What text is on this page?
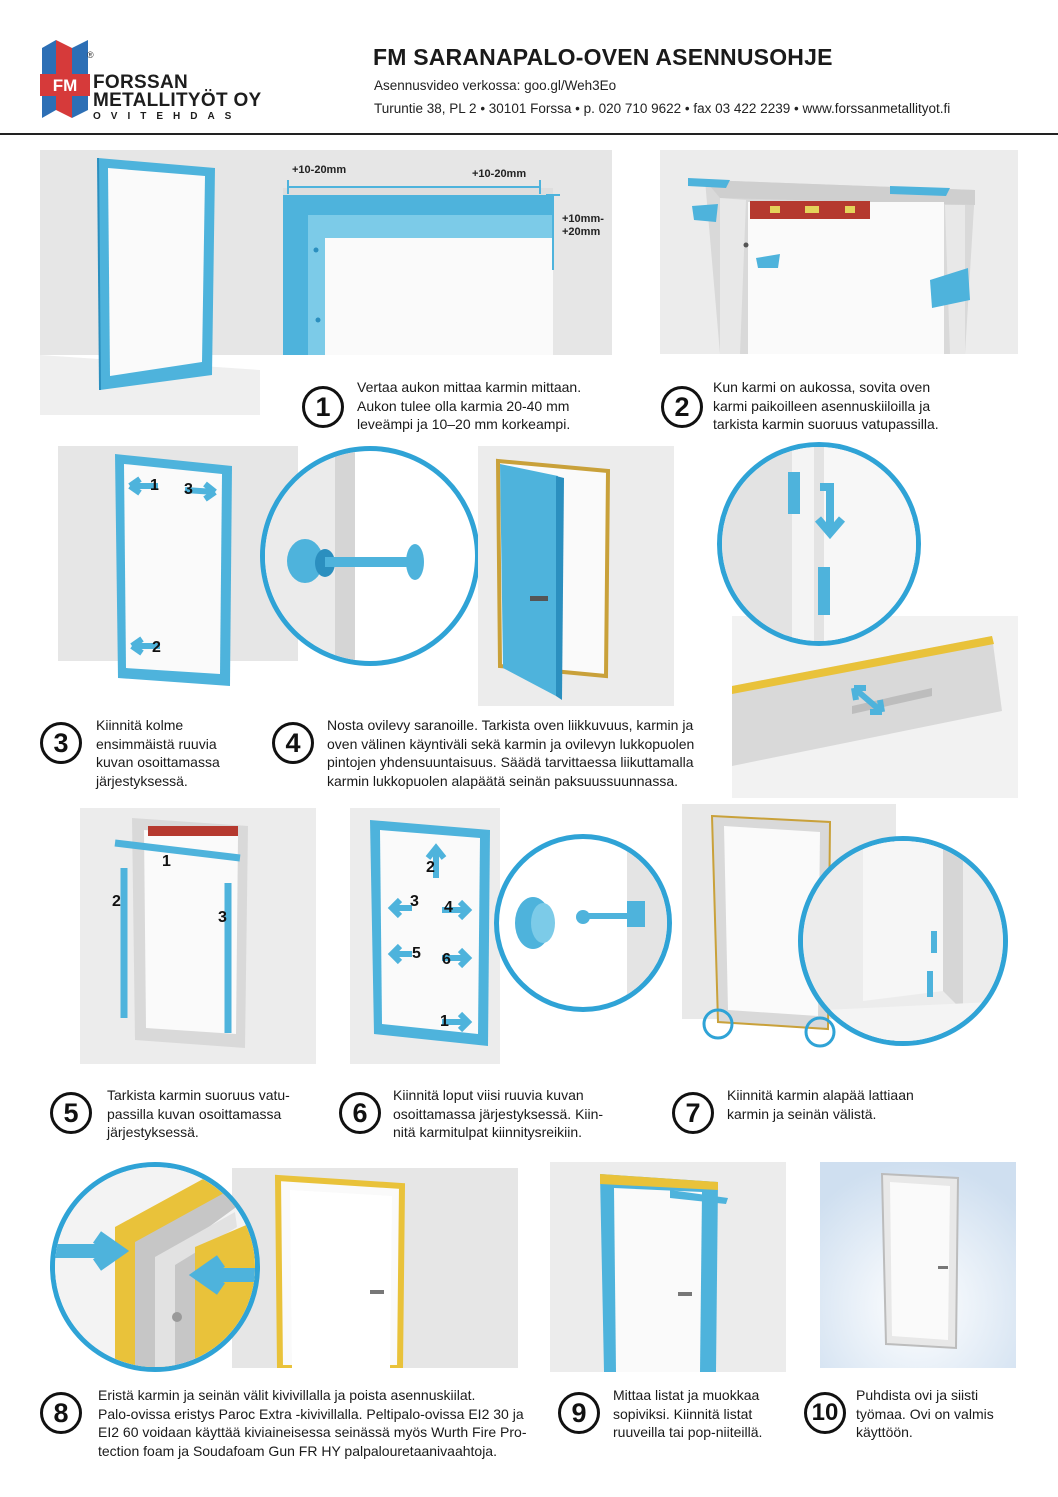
FM
®
FORSSAN
METALLITYÖT OY
OVITEHDAS
FM SARANAPALO-OVEN ASENNUSOHJE
Asennusvideo verkossa: goo.gl/Weh3Eo
Turuntie 38, PL 2 • 30101 Forssa • p. 020 710 9622 • fax 03 422 2239 • www.forssanmetallityot.fi
+10-20mm	+10-20mm
+10mm-+20mm
1
Vertaa aukon mittaa karmin mittaan.
Aukon tulee olla karmia 20-40 mm
leveämpi ja 10–20 mm korkeampi.
2
Kun karmi on aukossa, sovita oven
karmi paikoilleen asennuskiiloilla ja
tarkista karmin suoruus vatupassilla.
1 3
2
3
Kiinnitä kolme
ensimmäistä ruuvia
kuvan osoittamassa
järjestyksessä.
4
Nosta ovilevy saranoille. Tarkista oven liikkuvuus, karmin ja
oven välinen käyntiväli sekä karmin ja ovilevyn lukkopuolen
pintojen yhdensuuntaisuus. Säädä tarvittaessa liikuttamalla
karmin lukkopuolen alapäätä seinän paksuussuunnassa.
1
2
3
2
3 4
5 6
1
5
Tarkista karmin suoruus vatu-
passilla kuvan osoittamassa
järjestyksessä.
6
Kiinnitä loput viisi ruuvia kuvan
osoittamassa järjestyksessä. Kiin-
nitä karmitulpat kiinnitysreikiin.
7
Kiinnitä karmin alapää lattiaan
karmin ja seinän välistä.
8
Eristä karmin ja seinän välit kivivillalla ja poista asennuskiilat.
Palo-ovissa eristys Paroc Extra -kivivillalla. Peltipalo-ovissa EI2 30 ja
EI2 60 voidaan käyttää kiviaineisessa seinässä myös Wurth Fire Pro-
tection foam ja Soudafoam Gun FR HY palpalouretaanivaahtoja.
9
Mittaa listat ja muokkaa
sopiviksi. Kiinnitä listat
ruuveilla tai pop-niiteillä.
10
Puhdista ovi ja siisti
työmaa. Ovi on valmis
käyttöön.
